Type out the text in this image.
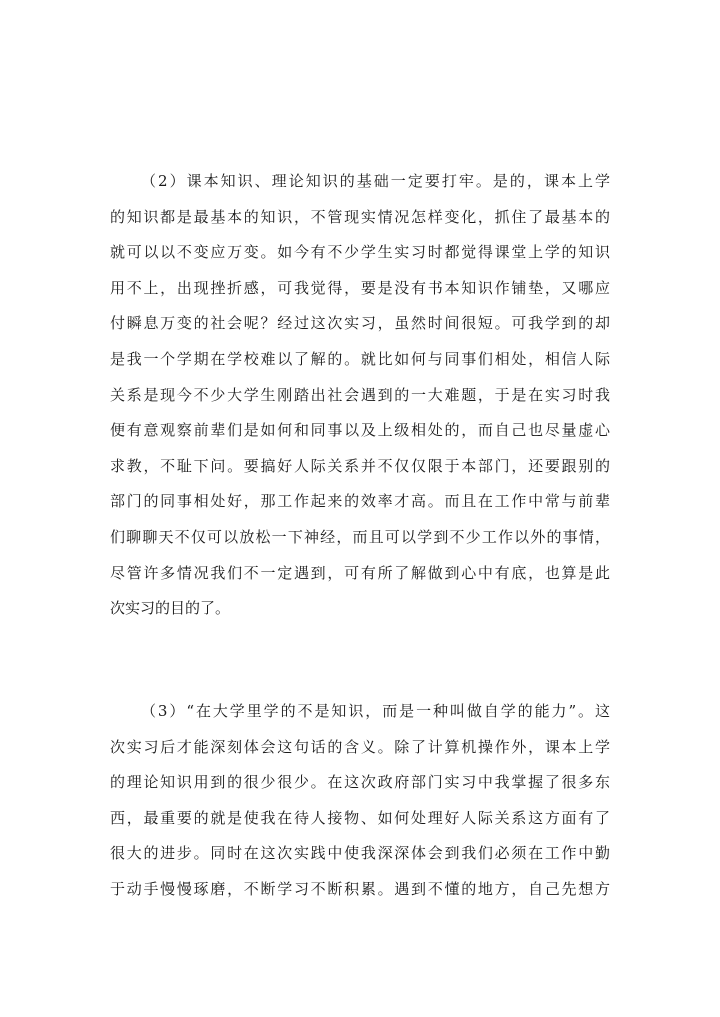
（2）课本知识、理论知识的基础一定要打牢。是的，课本上学
的知识都是最基本的知识，不管现实情况怎样变化，抓住了最基本的
就可以以不变应万变。如今有不少学生实习时都觉得课堂上学的知识
用不上，出现挫折感，可我觉得，要是没有书本知识作铺垫，又哪应
付瞬息万变的社会呢？经过这次实习，虽然时间很短。可我学到的却
是我一个学期在学校难以了解的。就比如何与同事们相处，相信人际
关系是现今不少大学生刚踏出社会遇到的一大难题，于是在实习时我
便有意观察前辈们是如何和同事以及上级相处的，而自己也尽量虚心
求教，不耻下问。要搞好人际关系并不仅仅限于本部门，还要跟别的
部门的同事相处好，那工作起来的效率才高。而且在工作中常与前辈
们聊聊天不仅可以放松一下神经，而且可以学到不少工作以外的事情，
尽管许多情况我们不一定遇到，可有所了解做到心中有底，也算是此
次实习的目的了。
（3）“在大学里学的不是知识，而是一种叫做自学的能力”。这
次实习后才能深刻体会这句话的含义。除了计算机操作外，课本上学
的理论知识用到的很少很少。在这次政府部门实习中我掌握了很多东
西，最重要的就是使我在待人接物、如何处理好人际关系这方面有了
很大的进步。同时在这次实践中使我深深体会到我们必须在工作中勤
于动手慢慢琢磨，不断学习不断积累。遇到不懂的地方，自己先想方
